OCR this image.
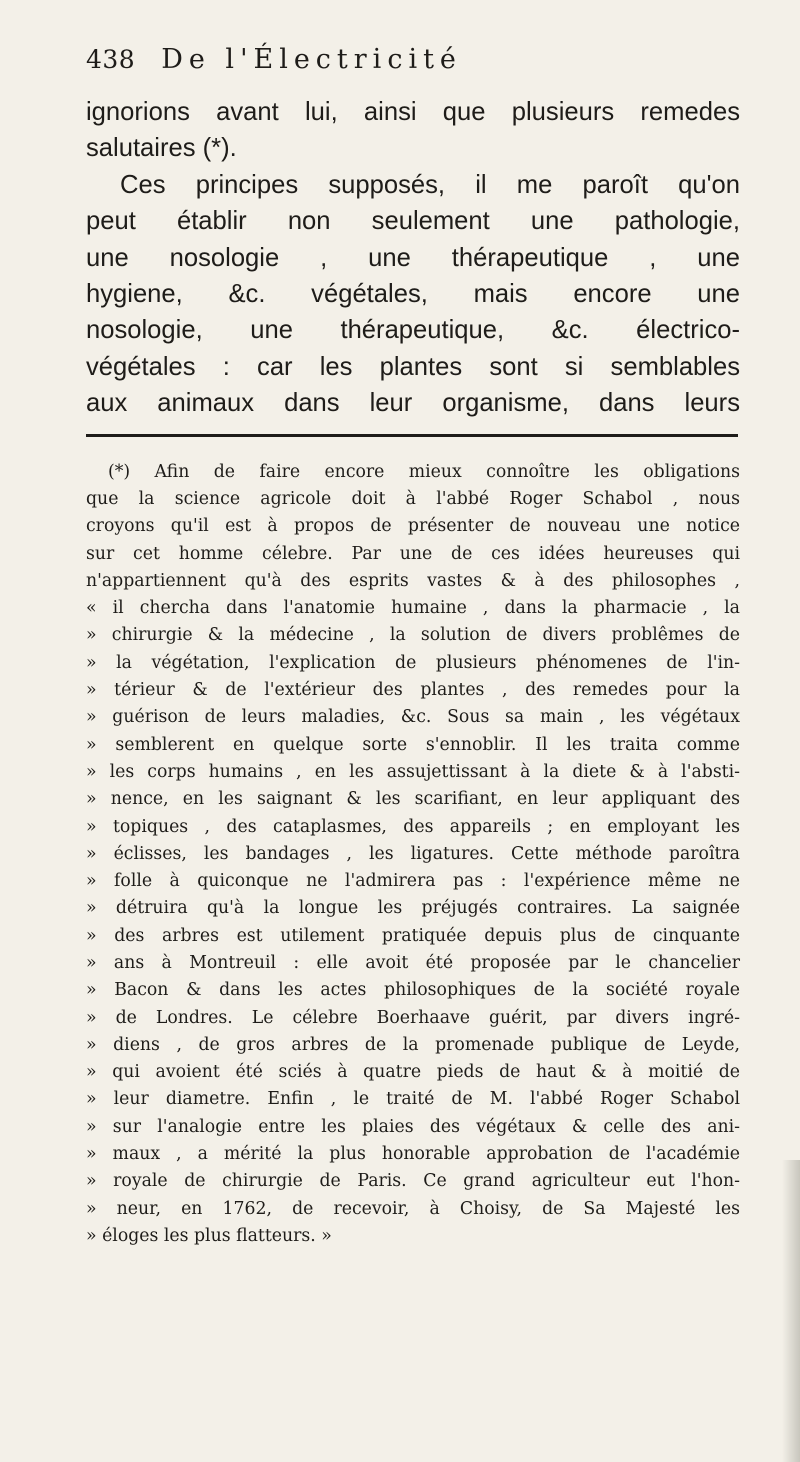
438 De l'Électricité
ignorions avant lui, ainsi que plusieurs remedes
salutaires (*).
Ces principes supposés, il me paroît qu'on
peut établir non seulement une pathologie,
une nosologie , une thérapeutique , une
hygiene, &c. végétales, mais encore une
nosologie, une thérapeutique, &c. électrico-
végétales : car les plantes sont si semblables
aux animaux dans leur organisme, dans leurs
(*) Afin de faire encore mieux connoître les obligations
que la science agricole doit à l'abbé Roger Schabol , nous
croyons qu'il est à propos de présenter de nouveau une notice
sur cet homme célebre. Par une de ces idées heureuses qui
n'appartiennent qu'à des esprits vastes & à des philosophes ,
« il chercha dans l'anatomie humaine , dans la pharmacie , la
» chirurgie & la médecine , la solution de divers problêmes de
» la végétation, l'explication de plusieurs phénomenes de l'in-
» térieur & de l'extérieur des plantes , des remedes pour la
» guérison de leurs maladies, &c. Sous sa main , les végétaux
» semblerent en quelque sorte s'ennoblir. Il les traita comme
» les corps humains , en les assujettissant à la diete & à l'absti-
» nence, en les saignant & les scarifiant, en leur appliquant des
» topiques , des cataplasmes, des appareils ; en employant les
» éclisses, les bandages , les ligatures. Cette méthode paroîtra
» folle à quiconque ne l'admirera pas : l'expérience même ne
» détruira qu'à la longue les préjugés contraires. La saignée
» des arbres est utilement pratiquée depuis plus de cinquante
» ans à Montreuil : elle avoit été proposée par le chancelier
» Bacon & dans les actes philosophiques de la société royale
» de Londres. Le célebre Boerhaave guérit, par divers ingré-
» diens , de gros arbres de la promenade publique de Leyde,
» qui avoient été sciés à quatre pieds de haut & à moitié de
» leur diametre. Enfin , le traité de M. l'abbé Roger Schabol
» sur l'analogie entre les plaies des végétaux & celle des ani-
» maux , a mérité la plus honorable approbation de l'académie
» royale de chirurgie de Paris. Ce grand agriculteur eut l'hon-
» neur, en 1762, de recevoir, à Choisy, de Sa Majesté les
» éloges les plus flatteurs. »
